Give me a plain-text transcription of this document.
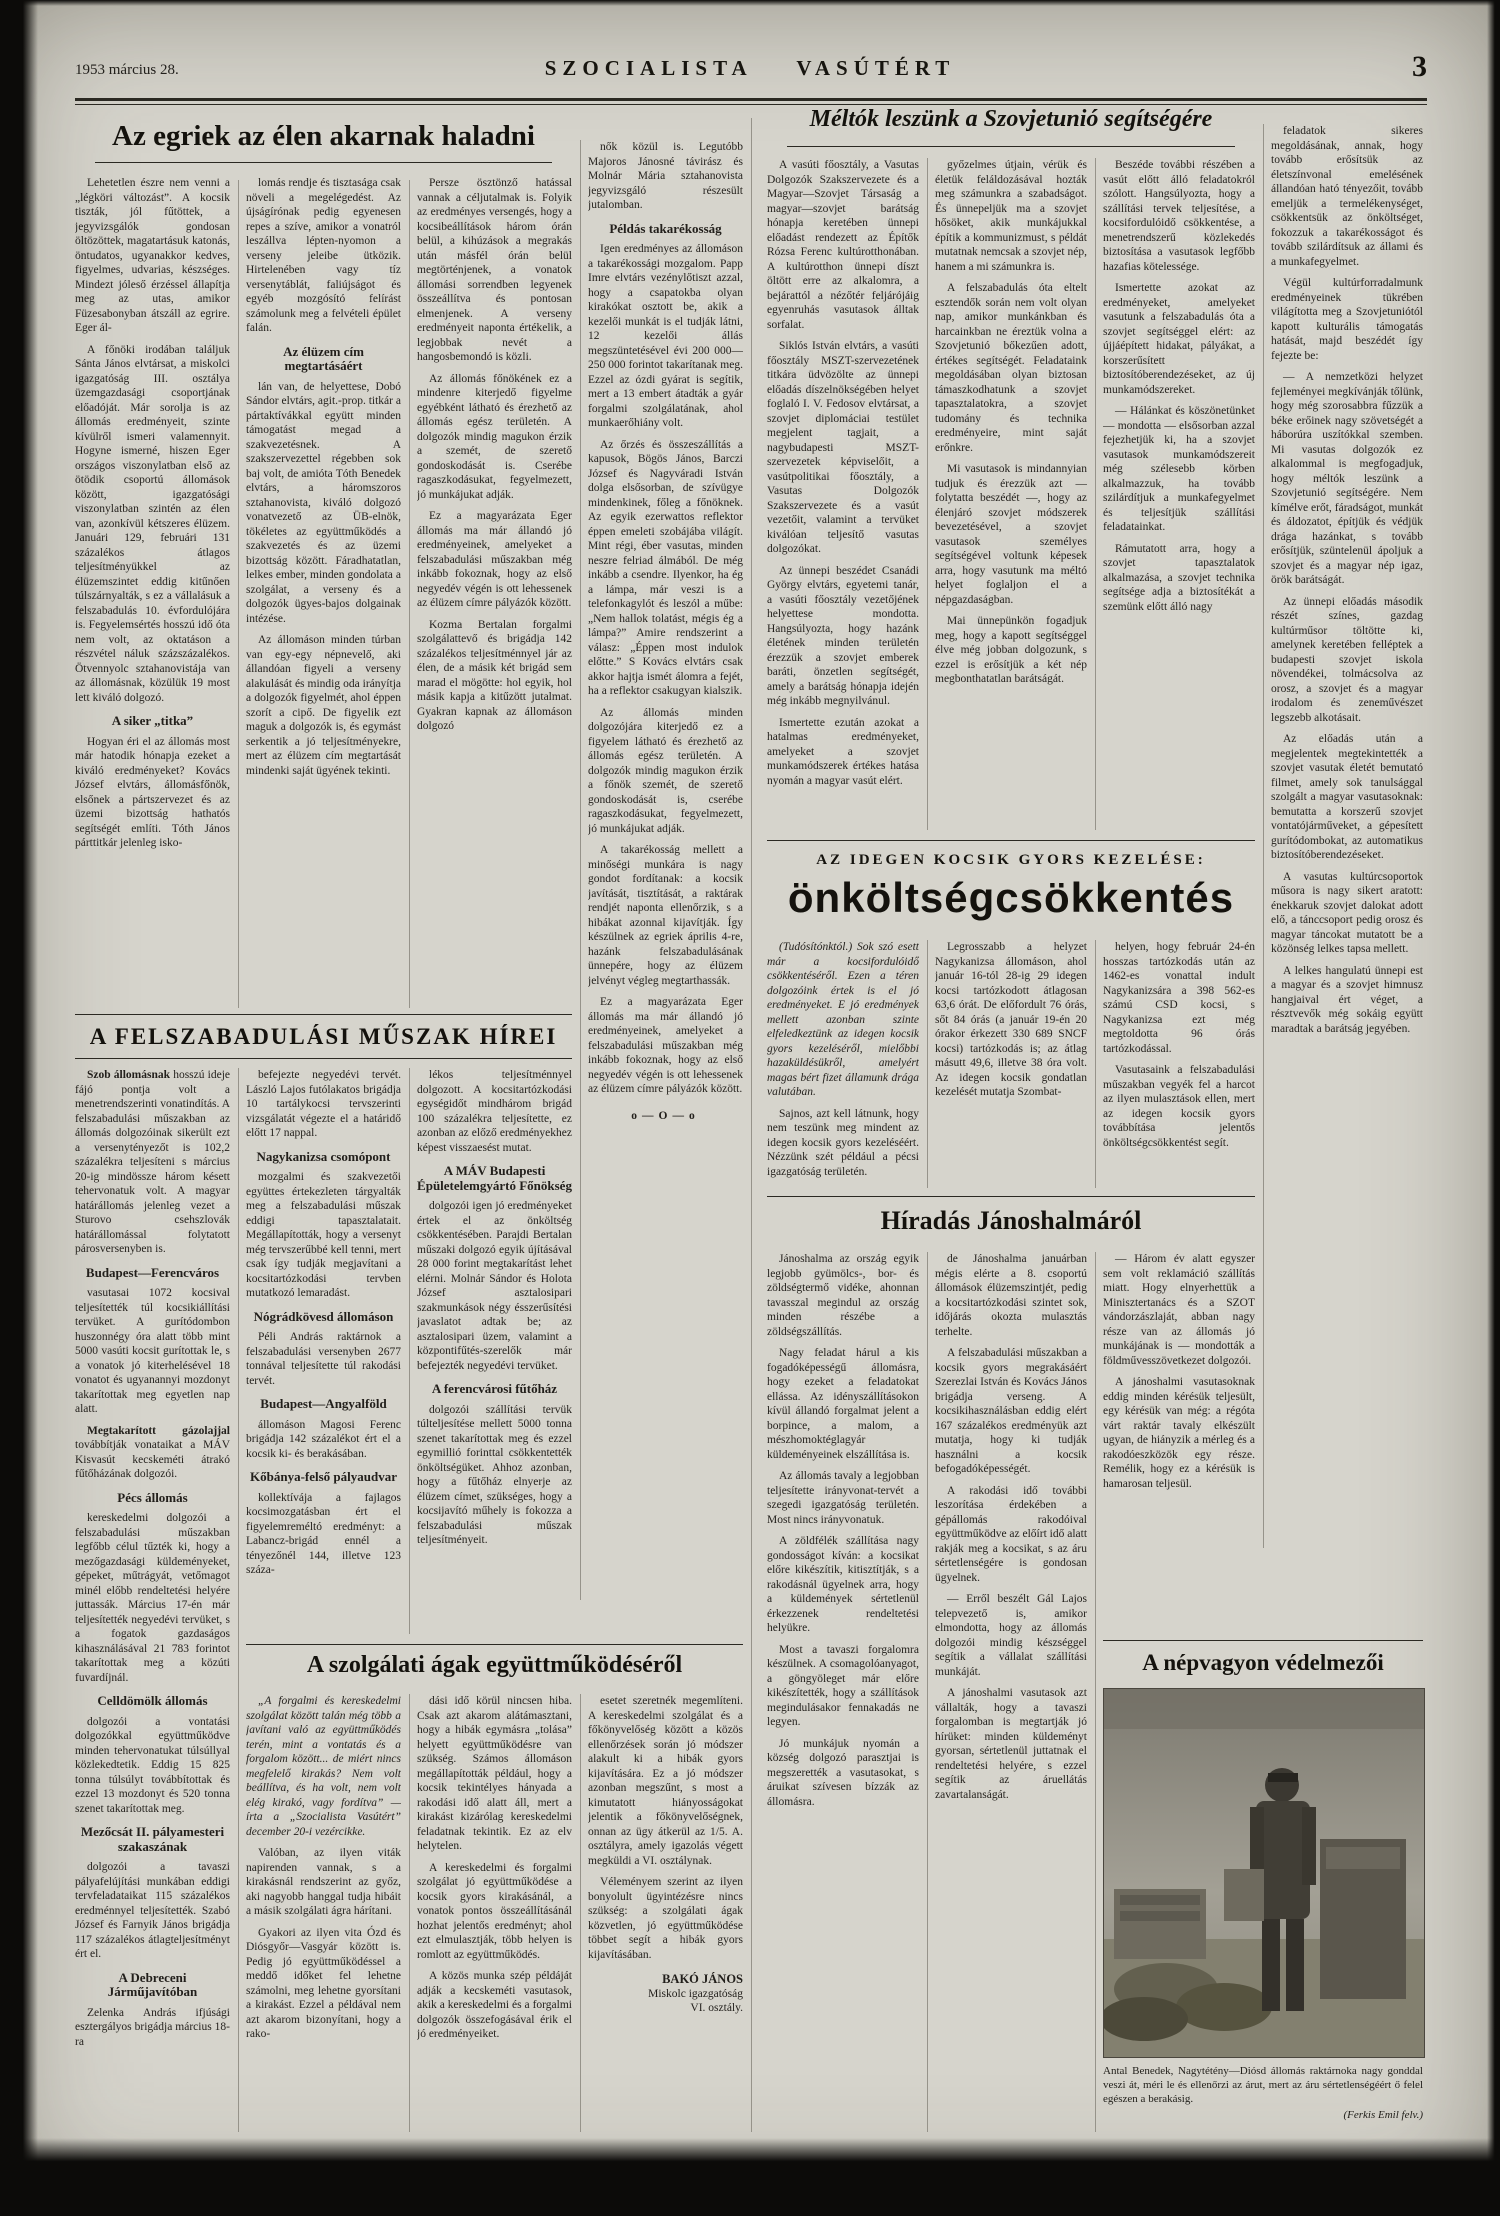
1953 március 28.	SZOCIALISTA VASÚTÉRT	3
Az egriek az élen akarnak haladni

Lehetetlen észre nem venni a „légköri változást”. A kocsik tiszták, jól fűtöttek, a jegyvizsgálók gondosan öltözöttek, magatartásuk katonás, öntudatos, ugyanakkor kedves, figyelmes, udvarias, készséges. Mindezt jóleső érzéssel állapítja meg az utas, amikor Füzesabonyban átszáll az egrire. Eger ál-

A főnöki irodában találjuk Sánta János elvtársat, a miskolci igazgatóság III. osztálya üzemgazdasági csoportjának előadóját. Már sorolja is az állomás eredményeit, szinte kívülről ismeri valamennyit. Hogyne ismerné, hiszen Eger országos viszonylatban első az ötödik csoportú állomások között, igazgatósági viszonylatban szintén az élen van, azonkívül kétszeres élüzem. Januári 129, februári 131 százalékos átlagos teljesítményükkel az élüzemszintet eddig kitűnően túlszárnyalták, s ez a vállalásuk a felszabadulás 10. évfordulójára is. Fegyelemsértés hosszú idő óta nem volt, az oktatáson a részvétel náluk százszázalékos. Ötvennyolc sztahanovistája van az állomásnak, közülük 19 most lett kiváló dolgozó.

A siker „titka”

Hogyan éri el az állomás most már hatodik hónapja ezeket a kiváló eredményeket? Kovács József elvtárs, állomásfőnök, elsőnek a pártszervezet és az üzemi bizottság hathatós segítségét említi. Tóth János párttitkár jelenleg isko-

lomás rendje és tisztasága csak növeli a megelégedést. Az újságírónak pedig egyenesen repes a szíve, amikor a vonatról leszállva lépten-nyomon a verseny jeleibe ütközik. Hirtelenében vagy tíz versenytáblát, faliújságot és egyéb mozgósító felírást számolunk meg a felvételi épület falán.

Az élüzem cím megtartásáért

lán van, de helyettese, Dobó Sándor elvtárs, agit.-prop. titkár a pártaktívákkal együtt minden támogatást megad a szakvezetésnek. A szakszervezettel régebben sok baj volt, de amióta Tóth Benedek elvtárs, a háromszoros sztahanovista, kiváló dolgozó vonatvezető az ÜB-elnök, tökéletes az együttműködés a szakvezetés és az üzemi bizottság között. Fáradhatatlan, lelkes ember, minden gondolata a szolgálat, a verseny és a dolgozók ügyes-bajos dolgainak intézése.

Az állomáson minden túrban van egy-egy népnevelő, aki állandóan figyeli a verseny alakulását és mindig oda irányítja a dolgozók figyelmét, ahol éppen szorít a cipő. De figyelik ezt maguk a dolgozók is, és egymást serkentik a jó teljesítményekre, mert az élüzem cím megtartását mindenki saját ügyének tekinti.

Persze ösztönző hatással vannak a céljutalmak is. Folyik az eredményes versengés, hogy a kocsibeállítások három órán belül, a kihúzások a megrakás után másfél órán belül megtörténjenek, a vonatok állomási sorrendben legyenek összeállítva és pontosan elmenjenek. A verseny eredményeit naponta értékelik, a legjobbak nevét a hangosbemondó is közli.

Az állomás főnökének ez a mindenre kiterjedő figyelme egyébként látható és érezhető az állomás egész területén. A dolgozók mindig magukon érzik a szemét, de szerető gondoskodását is. Cserébe ragaszkodásukat, fegyelmezett, jó munkájukat adják.

Ez a magyarázata Eger állomás ma már állandó jó eredményeinek, amelyeket a felszabadulási műszakban még inkább fokoznak, hogy az első negyedév végén is ott lehessenek az élüzem címre pályázók között.

Kozma Bertalan forgalmi szolgálattevő és brigádja 142 százalékos teljesítménnyel jár az élen, de a másik két brigád sem marad el mögötte: hol egyik, hol másik kapja a kitűzött jutalmat. Gyakran kapnak az állomáson dolgozó

nők közül is. Legutóbb Majoros Jánosné távirász és Molnár Mária sztahanovista jegyvizsgáló részesült jutalomban.

Példás takarékosság

Igen eredményes az állomáson a takarékossági mozgalom. Papp Imre elvtárs vezénylőtiszt azzal, hogy a csapatokba olyan kirakókat osztott be, akik a kezelői munkát is el tudják látni, 12 kezelői állás megszüntetésével évi 200 000—250 000 forintot takarítanak meg. Ezzel az ózdi gyárat is segítik, mert a 13 embert átadták a gyár forgalmi szolgálatának, ahol munkaerőhiány volt.

Az őrzés és összeszállítás a kapusok, Bögös János, Barczi József és Nagyváradi István dolga elsősorban, de szívügye mindenkinek, főleg a főnöknek. Az egyik ezerwattos reflektor éppen emeleti szobájába világít. Mint régi, éber vasutas, minden neszre felriad álmából. De még inkább a csendre. Ilyenkor, ha ég a lámpa, már veszi is a telefonkagylót és leszól a műbe: „Nem hallok tolatást, mégis ég a lámpa?” Amire rendszerint a válasz: „Éppen most indulok előtte.” S Kovács elvtárs csak akkor hajtja ismét álomra a fejét, ha a reflektor csakugyan kialszik.

Az állomás minden dolgozójára kiterjedő ez a figyelem látható és érezhető az állomás egész területén. A dolgozók mindig magukon érzik a főnök szemét, de szerető gondoskodását is, cserébe ragaszkodásukat, fegyelmezett, jó munkájukat adják.

A takarékosság mellett a minőségi munkára is nagy gondot fordítanak: a kocsik javítását, tisztítását, a raktárak rendjét naponta ellenőrzik, s a hibákat azonnal kijavítják. Így készülnek az egriek április 4-re, hazánk felszabadulásának ünnepére, hogy az élüzem jelvényt végleg megtarthassák.

Ez a magyarázata Eger állomás ma már állandó jó eredményeinek, amelyeket a felszabadulási műszakban még inkább fokoznak, hogy az első negyedév végén is ott lehessenek az élüzem címre pályázók között.

o—O—o

A FELSZABADULÁSI MŰSZAK HÍREI

Szob állomásnak hosszú ideje fájó pontja volt a menetrendszerinti vonatindítás. A felszabadulási műszakban az állomás dolgozóinak sikerült ezt a versenytényezőt is 102,2 százalékra teljesíteni s március 20-ig mindössze három késett tehervonatuk volt. A magyar határállomás jelenleg vezet a Sturovo csehszlovák határállomással folytatott párosversenyben is.

Budapest—Ferencváros

vasutasai 1072 kocsival teljesítették túl kocsikiállítási tervüket. A gurítódombon huszonnégy óra alatt több mint 5000 vasúti kocsit gurítottak le, s a vonatok jó kiterhelésével 18 vonatot és ugyanannyi mozdonyt takarítottak meg egyetlen nap alatt.

Megtakarított gázolajjal továbbítják vonataikat a MÁV Kisvasút kecskeméti átrakó fűtőházának dolgozói.

Pécs állomás

kereskedelmi dolgozói a felszabadulási műszakban legfőbb célul tűzték ki, hogy a mezőgazdasági küldeményeket, gépeket, műtrágyát, vetőmagot minél előbb rendeltetési helyére juttassák. Március 17-én már teljesítették negyedévi tervüket, s a fogatok gazdaságos kihasználásával 21 783 forintot takarítottak meg a közúti fuvardíjnál.

Celldömölk állomás

dolgozói a vontatási dolgozókkal együttműködve minden tehervonatukat túlsúllyal közlekedtetik. Eddig 15 825 tonna túlsúlyt továbbítottak és ezzel 13 mozdonyt és 520 tonna szenet takarítottak meg.

Mezőcsát II. pályamesteri szakaszának

dolgozói a tavaszi pályafelújítási munkában eddigi tervfeladataikat 115 százalékos eredménnyel teljesítették. Szabó József és Farnyik János brigádja 117 százalékos átlagteljesítményt ért el.

A Debreceni Járműjavítóban

Zelenka András ifjúsági esztergályos brigádja március 18-ra

befejezte negyedévi tervét. László Lajos futólakatos brigádja 10 tartálykocsi tervszerinti vizsgálatát végezte el a határidő előtt 17 nappal.

Nagykanizsa csomópont

mozgalmi és szakvezetői együttes értekezleten tárgyalták meg a felszabadulási műszak eddigi tapasztalatait. Megállapították, hogy a versenyt még tervszerűbbé kell tenni, mert csak így tudják megjavítani a kocsitartózkodási tervben mutatkozó lemaradást.

Nógrádkövesd állomáson

Péli András raktárnok a felszabadulási versenyben 2677 tonnával teljesítette túl rakodási tervét.

Budapest—Angyalföld

állomáson Magosi Ferenc brigádja 142 százalékot ért el a kocsik ki- és berakásában.

Kőbánya-felső pályaudvar

kollektívája a fajlagos kocsimozgatásban ért el figyelemreméltó eredményt: a Labancz-brigád ennél a tényezőnél 144, illetve 123 száza-

lékos teljesítménnyel dolgozott. A kocsitartózkodási egységidőt mindhárom brigád 100 százalékra teljesítette, ez azonban az előző eredményekhez képest visszaesést mutat.

A MÁV Budapesti Épületelemgyártó Főnökség

dolgozói igen jó eredményeket értek el az önköltség csökkentésében. Parajdi Bertalan műszaki dolgozó egyik újításával 28 000 forint megtakarítást lehet elérni. Molnár Sándor és Holota József asztalosipari szakmunkások négy ésszerűsítési javaslatot adtak be; az asztalosipari üzem, valamint a központifűtés-szerelők már befejezték negyedévi tervüket.

A ferencvárosi fűtőház

dolgozói szállítási tervük túlteljesítése mellett 5000 tonna szenet takarítottak meg és ezzel egymillió forinttal csökkentették önköltségüket. Ahhoz azonban, hogy a fűtőház elnyerje az élüzem címet, szükséges, hogy a kocsijavító műhely is fokozza a felszabadulási műszak teljesítményeit.

A szolgálati ágak együttműködéséről

„A forgalmi és kereskedelmi szolgálat között talán még több a javítani való az együttműködés terén, mint a vontatás és a forgalom között... de miért nincs megfelelő kirakás? Nem volt beállítva, és ha volt, nem volt elég kirakó, vagy fordítva” — írta a „Szocialista Vasútért” december 20-i vezércikke.

Valóban, az ilyen viták napirenden vannak, s a kirakásnál rendszerint az győz, aki nagyobb hanggal tudja hibáit a másik szolgálati ágra hárítani.

Gyakori az ilyen vita Ózd és Diósgyőr—Vasgyár között is. Pedig jó együttműködéssel a meddő időket fel lehetne számolni, meg lehetne gyorsítani a kirakást. Ezzel a példával nem azt akarom bizonyítani, hogy a rako-

dási idő körül nincsen hiba. Csak azt akarom alátámasztani, hogy a hibák egymásra „tolása” helyett együttműködésre van szükség. Számos állomáson megállapították például, hogy a kocsik tekintélyes hányada a rakodási idő alatt áll, mert a kirakást kizárólag kereskedelmi feladatnak tekintik. Ez az elv helytelen.

A kereskedelmi és forgalmi szolgálat jó együttműködése a kocsik gyors kirakásánál, a vonatok pontos összeállításánál hozhat jelentős eredményt; ahol ezt elmulasztják, több helyen is romlott az együttműködés.

A közös munka szép példáját adják a kecskeméti vasutasok, akik a kereskedelmi és a forgalmi dolgozók összefogásával érik el jó eredményeiket.

esetet szeretnék megemlíteni. A kereskedelmi szolgálat és a főkönyvelőség között a közös ellenőrzések során jó módszer alakult ki a hibák gyors kijavítására. Ez a jó módszer azonban megszűnt, s most a kimutatott hiányosságokat jelentik a főkönyvelőségnek, onnan az ügy átkerül az 1/5. A. osztályra, amely igazolás végett megküldi a VI. osztálynak.

Véleményem szerint az ilyen bonyolult ügyintézésre nincs szükség: a szolgálati ágak közvetlen, jó együttműködése többet segít a hibák gyors kijavításában.

BAKÓ JÁNOS

Miskolc igazgatóság

VI. osztály.

Méltók leszünk a Szovjetunió segítségére

A vasúti főosztály, a Vasutas Dolgozók Szakszervezete és a Magyar—Szovjet Társaság a magyar—szovjet barátság hónapja keretében ünnepi előadást rendezett az Építők Rózsa Ferenc kultúrotthonában. A kultúrotthon ünnepi díszt öltött erre az alkalomra, a bejárattól a nézőtér feljárójáig egyenruhás vasutasok álltak sorfalat.

Siklós István elvtárs, a vasúti főosztály MSZT-szervezetének titkára üdvözölte az ünnepi előadás díszelnökségében helyet foglaló I. V. Fedosov elvtársat, a szovjet diplomáciai testület megjelent tagjait, a nagybudapesti MSZT-szervezetek képviselőit, a vasútpolitikai főosztály, a Vasutas Dolgozók Szakszervezete és a vasút vezetőit, valamint a tervüket kiválóan teljesítő vasutas dolgozókat.

Az ünnepi beszédet Csanádi György elvtárs, egyetemi tanár, a vasúti főosztály vezetőjének helyettese mondotta. Hangsúlyozta, hogy hazánk életének minden területén érezzük a szovjet emberek baráti, önzetlen segítségét, amely a barátság hónapja idején még inkább megnyilvánul.

Ismertette ezután azokat a hatalmas eredményeket, amelyeket a szovjet munkamódszerek értékes hatása nyomán a magyar vasút elért.

győzelmes útjain, vérük és életük feláldozásával hozták meg számunkra a szabadságot. És ünnepeljük ma a szovjet hősöket, akik munkájukkal építik a kommunizmust, s példát mutatnak nemcsak a szovjet nép, hanem a mi számunkra is.

A felszabadulás óta eltelt esztendők során nem volt olyan nap, amikor munkánkban és harcainkban ne éreztük volna a Szovjetunió bőkezűen adott, értékes segítségét. Feladataink megoldásában olyan biztosan támaszkodhatunk a szovjet tapasztalatokra, a szovjet tudomány és technika eredményeire, mint saját erőnkre.

Mi vasutasok is mindannyian tudjuk és érezzük azt — folytatta beszédét —, hogy az élenjáró szovjet módszerek bevezetésével, a szovjet vasutasok személyes segítségével voltunk képesek arra, hogy vasutunk ma méltó helyet foglaljon el a népgazdaságban.

Mai ünnepünkön fogadjuk meg, hogy a kapott segítséggel élve még jobban dolgozunk, s ezzel is erősítjük a két nép megbonthatatlan barátságát.

Beszéde további részében a vasút előtt álló feladatokról szólott. Hangsúlyozta, hogy a szállítási tervek teljesítése, a kocsifordulóidő csökkentése, a menetrendszerű közlekedés biztosítása a vasutasok legfőbb hazafias kötelessége.

Ismertette azokat az eredményeket, amelyeket vasutunk a felszabadulás óta a szovjet segítséggel elért: az újjáépített hidakat, pályákat, a korszerűsített biztosítóberendezéseket, az új munkamódszereket.

— Hálánkat és köszönetünket — mondotta — elsősorban azzal fejezhetjük ki, ha a szovjet vasutasok munkamódszereit még szélesebb körben alkalmazzuk, ha tovább szilárdítjuk a munkafegyelmet és teljesítjük szállítási feladatainkat.

Rámutatott arra, hogy a szovjet tapasztalatok alkalmazása, a szovjet technika segítsége adja a biztosítékát a szemünk előtt álló nagy

feladatok sikeres megoldásának, annak, hogy tovább erősítsük az életszínvonal emelésének állandóan ható tényezőit, tovább emeljük a termelékenységet, csökkentsük az önköltséget, fokozzuk a takarékosságot és tovább szilárdítsuk az állami és a munkafegyelmet.

Végül kultúrforradalmunk eredményeinek tükrében világította meg a Szovjetuniótól kapott kulturális támogatás hatását, majd beszédét így fejezte be:

— A nemzetközi helyzet fejleményei megkívánják tőlünk, hogy még szorosabbra fűzzük a béke erőinek nagy szövetségét a háborúra uszítókkal szemben. Mi vasutas dolgozók ez alkalommal is megfogadjuk, hogy méltók leszünk a Szovjetunió segítségére. Nem kímélve erőt, fáradságot, munkát és áldozatot, építjük és védjük drága hazánkat, s tovább erősítjük, szüntelenül ápoljuk a szovjet és a magyar nép igaz, örök barátságát.

Az ünnepi előadás második részét színes, gazdag kultúrműsor töltötte ki, amelynek keretében felléptek a budapesti szovjet iskola növendékei, tolmácsolva az orosz, a szovjet és a magyar irodalom és zeneművészet legszebb alkotásait.

Az előadás után a megjelentek megtekintették a szovjet vasutak életét bemutató filmet, amely sok tanulsággal szolgált a magyar vasutasoknak: bemutatta a korszerű szovjet vontatójárműveket, a gépesített gurítódombokat, az automatikus biztosítóberendezéseket.

A vasutas kultúrcsoportok műsora is nagy sikert aratott: énekkaruk szovjet dalokat adott elő, a tánccsoport pedig orosz és magyar táncokat mutatott be a közönség lelkes tapsa mellett.

A lelkes hangulatú ünnepi est a magyar és a szovjet himnusz hangjaival ért véget, a résztvevők még sokáig együtt maradtak a barátság jegyében.

AZ IDEGEN KOCSIK GYORS KEZELÉSE:
önköltségcsökkentés

(Tudósítónktól.) Sok szó esett már a kocsifordulóidő csökkentéséről. Ezen a téren dolgozóink értek is el jó eredményeket. E jó eredmények mellett azonban szinte elfeledkeztünk az idegen kocsik gyors kezeléséről, mielőbbi hazaküldésükről, amelyért magas bért fizet államunk drága valutában.

Sajnos, azt kell látnunk, hogy nem teszünk meg mindent az idegen kocsik gyors kezeléséért. Nézzünk szét például a pécsi igazgatóság területén.

Legrosszabb a helyzet Nagykanizsa állomáson, ahol január 16-tól 28-ig 29 idegen kocsi tartózkodott átlagosan 63,6 órát. De előfordult 76 órás, sőt 84 órás (a január 19-én 20 órakor érkezett 330 689 SNCF kocsi) tartózkodás is; az átlag másutt 49,6, illetve 38 óra volt. Az idegen kocsik gondatlan kezelését mutatja Szombat-

helyen, hogy február 24-én hosszas tartózkodás után az 1462-es vonattal indult Nagykanizsára a 398 562-es számú CSD kocsi, s Nagykanizsa ezt még megtoldotta 96 órás tartózkodással.

Vasutasaink a felszabadulási műszakban vegyék fel a harcot az ilyen mulasztások ellen, mert az idegen kocsik gyors továbbítása jelentős önköltségcsökkentést segít.

Híradás Jánoshalmáról

Jánoshalma az ország egyik legjobb gyümölcs-, bor- és zöldségtermő vidéke, ahonnan tavasszal megindul az ország minden részébe a zöldségszállítás.

Nagy feladat hárul a kis fogadóképességű állomásra, hogy ezeket a feladatokat ellássa. Az idényszállításokon kívül állandó forgalmat jelent a borpince, a malom, a mészhomoktéglagyár küldeményeinek elszállítása is.

Az állomás tavaly a legjobban teljesítette irányvonat-tervét a szegedi igazgatóság területén. Most nincs irányvonatuk.

A zöldfélék szállítása nagy gondosságot kíván: a kocsikat előre kikészítik, kitisztítják, s a rakodásnál ügyelnek arra, hogy a küldemények sértetlenül érkezzenek rendeltetési helyükre.

Most a tavaszi forgalomra készülnek. A csomagolóanyagot, a göngyöleget már előre kikészítették, hogy a szállítások megindulásakor fennakadás ne legyen.

Jó munkájuk nyomán a község dolgozó parasztjai is megszerették a vasutasokat, s áruikat szívesen bízzák az állomásra.

de Jánoshalma januárban mégis elérte a 8. csoportú állomások élüzemszintjét, pedig a kocsitartózkodási szintet sok, időjárás okozta mulasztás terhelte.

A felszabadulási műszakban a kocsik gyors megrakásáért Szerezlai István és Kovács János brigádja verseng. A kocsikihasználásban eddig elért 167 százalékos eredményük azt mutatja, hogy ki tudják használni a kocsik befogadóképességét.

A rakodási idő további leszorítása érdekében a gépállomás rakodóival együttműködve az előírt idő alatt rakják meg a kocsikat, s az áru sértetlenségére is gondosan ügyelnek.

— Erről beszélt Gál Lajos telepvezető is, amikor elmondotta, hogy az állomás dolgozói mindig készséggel segítik a vállalat szállítási munkáját.

A jánoshalmi vasutasok azt vállalták, hogy a tavaszi forgalomban is megtartják jó hírüket: minden küldeményt gyorsan, sértetlenül juttatnak el rendeltetési helyére, s ezzel segítik az áruellátás zavartalanságát.

— Három év alatt egyszer sem volt reklamáció szállítás miatt. Hogy elnyerhettük a Minisztertanács és a SZOT vándorzászlaját, abban nagy része van az állomás jó munkájának is — mondották a földművesszövetkezet dolgozói.

A jánoshalmi vasutasoknak eddig minden kérésük teljesült, egy kérésük van még: a régóta várt raktár tavaly elkészült ugyan, de hiányzik a mérleg és a rakodóeszközök egy része. Remélik, hogy ez a kérésük is hamarosan teljesül.

A népvagyon védelmezői
Antal Benedek, Nagytétény—Diósd állomás raktárnoka nagy gonddal veszi át, méri le és ellenőrzi az árut, mert az áru sértetlenségéért ő felel egészen a berakásig.
(Ferkis Emil felv.)
